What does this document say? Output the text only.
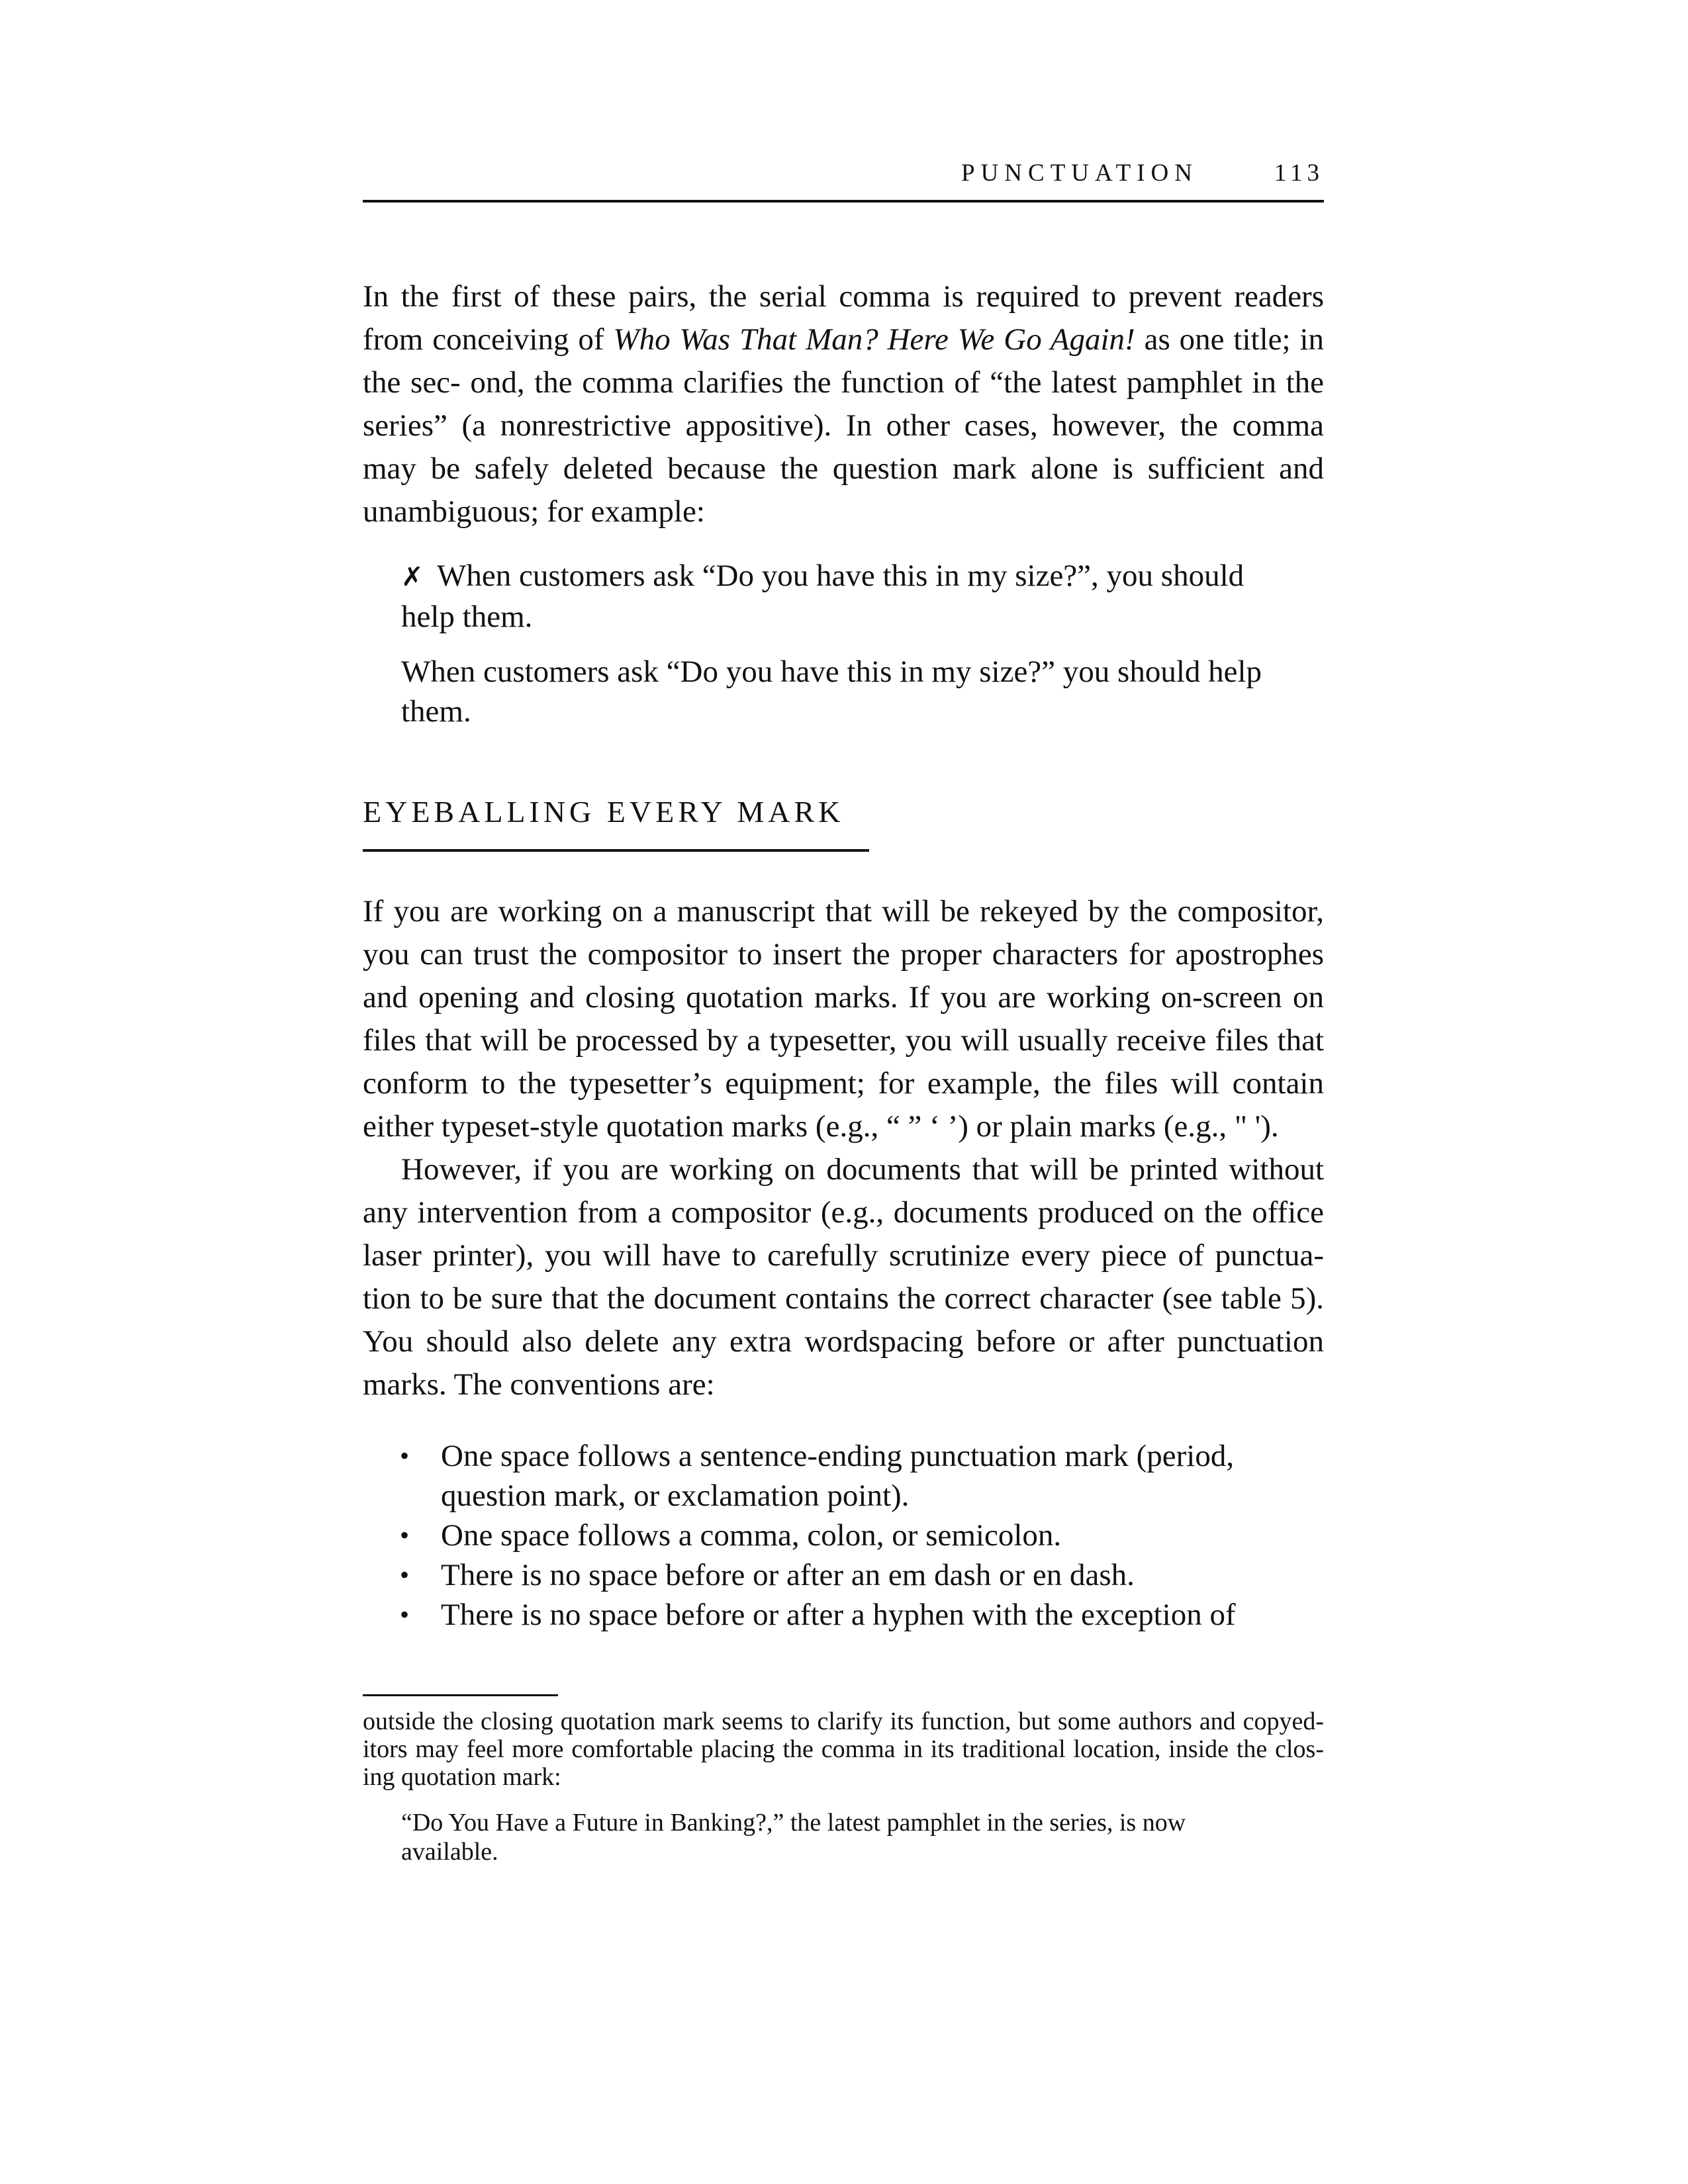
PUNCTUATION	113

In the first of these pairs, the serial comma is required to prevent readers from conceiving of Who Was That Man? Here We Go Again! as one title; in the sec- ond, the comma clarifies the function of “the latest pamphlet in the series” (a nonrestrictive appositive). In other cases, however, the comma may be safely deleted because the question mark alone is sufficient and unambiguous; for example:

✗ When customers ask “Do you have this in my size?”, you should help them.

When customers ask “Do you have this in my size?” you should help them.

EYEBALLING EVERY MARK

If you are working on a manuscript that will be rekeyed by the compositor, you can trust the compositor to insert the proper characters for apostrophes and opening and closing quotation marks. If you are working on-screen on files that will be processed by a typesetter, you will usually receive files that conform to the typesetter’s equipment; for example, the files will contain either typeset-style quotation marks (e.g., “ ” ‘ ’) or plain marks (e.g., " ').

However, if you are working on documents that will be printed without any intervention from a compositor (e.g., documents produced on the office laser printer), you will have to carefully scrutinize every piece of punctua-tion to be sure that the document contains the correct character (see table 5). You should also delete any extra wordspacing before or after punctuation marks. The conventions are:

• One space follows a sentence-ending punctuation mark (period, question mark, or exclamation point).
• One space follows a comma, colon, or semicolon.
• There is no space before or after an em dash or en dash.
• There is no space before or after a hyphen with the exception of

outside the closing quotation mark seems to clarify its function, but some authors and copyed-itors may feel more comfortable placing the comma in its traditional location, inside the clos-ing quotation mark:

“Do You Have a Future in Banking?,” the latest pamphlet in the series, is now available.
